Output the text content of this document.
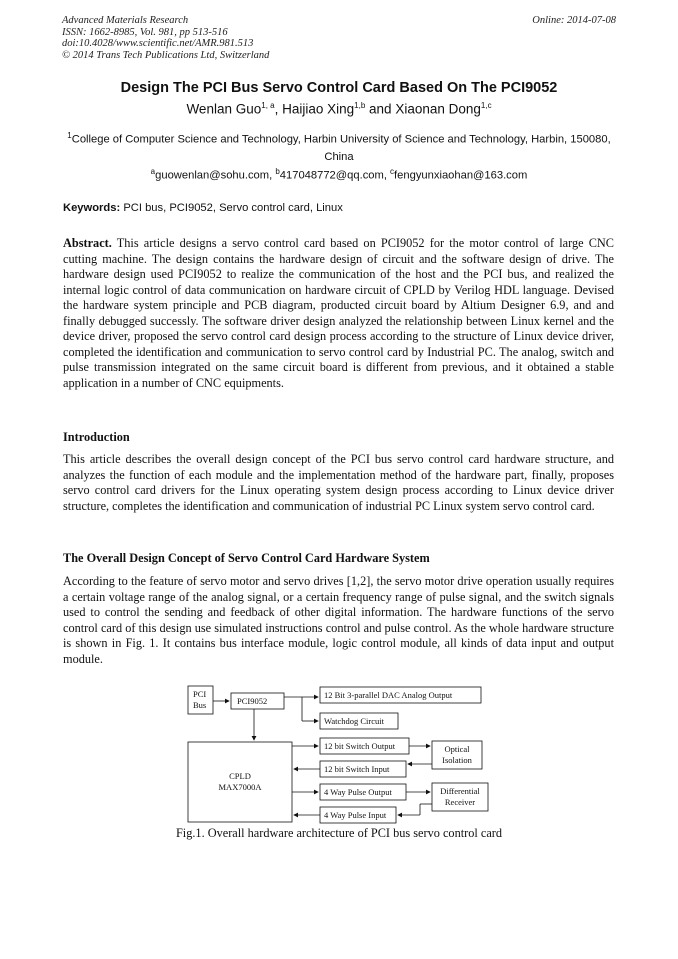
Advanced Materials Research
ISSN: 1662-8985, Vol. 981, pp 513-516
doi:10.4028/www.scientific.net/AMR.981.513
© 2014 Trans Tech Publications Ltd, Switzerland
Online: 2014-07-08
Design The PCI Bus Servo Control Card Based On The PCI9052
Wenlan Guo$^{1, a}$, Haijiao Xing$^{1,b}$ and Xiaonan Dong$^{1,c}$
$^1$College of Computer Science and Technology, Harbin University of Science and Technology, Harbin, 150080, China
$^a$guowenlan@sohu.com, $^b$417048772@qq.com, $^c$fengyunxiaohan@163.com
Keywords: PCI bus, PCI9052, Servo control card, Linux
Abstract. This article designs a servo control card based on PCI9052 for the motor control of large CNC cutting machine. The design contains the hardware design of circuit and the software design of drive. The hardware design used PCI9052 to realize the communication of the host and the PCI bus, and realized the internal logic control of data communication on hardware circuit of CPLD by Verilog HDL language. Devised the hardware system principle and PCB diagram, producted circuit board by Altium Designer 6.9, and and finally debugged successly. The software driver design analyzed the relationship between Linux kernel and the device driver, proposed the servo control card design process according to the structure of Linux device driver, completed the identification and communication to servo control card by Industrial PC. The analog, switch and pulse transmission integrated on the same circuit board is different from previous, and it obtained a stable application in a number of CNC equipments.
Introduction
This article describes the overall design concept of the PCI bus servo control card hardware structure, and analyzes the function of each module and the implementation method of the hardware part, finally, proposes servo control card drivers for the Linux operating system design process according to Linux device driver structure, completes the identification and communication of industrial PC Linux system servo control card.
The Overall Design Concept of Servo Control Card Hardware System
According to the feature of servo motor and servo drives [1,2], the servo motor drive operation usually requires a certain voltage range of the analog signal, or a certain frequency range of pulse signal, and the switch signals used to control the sending and feedback of other digital information. The hardware functions of the servo control card of this design use simulated instructions control and pulse control. As the whole hardware structure is shown in Fig. 1. It contains bus interface module, logic control module, all kinds of data input and output module.
PCI
Bus	PCI9052
CPLD
MAX7000A
12 Bit 3-parallel DAC Analog Output
Watchdog Circuit
12 bit Switch Output
12 bit Switch Input
4 Way Pulse Output
4 Way Pulse Input
Optical
Isolation
Differential
Receiver
Fig.1. Overall hardware architecture of PCI bus servo control card
